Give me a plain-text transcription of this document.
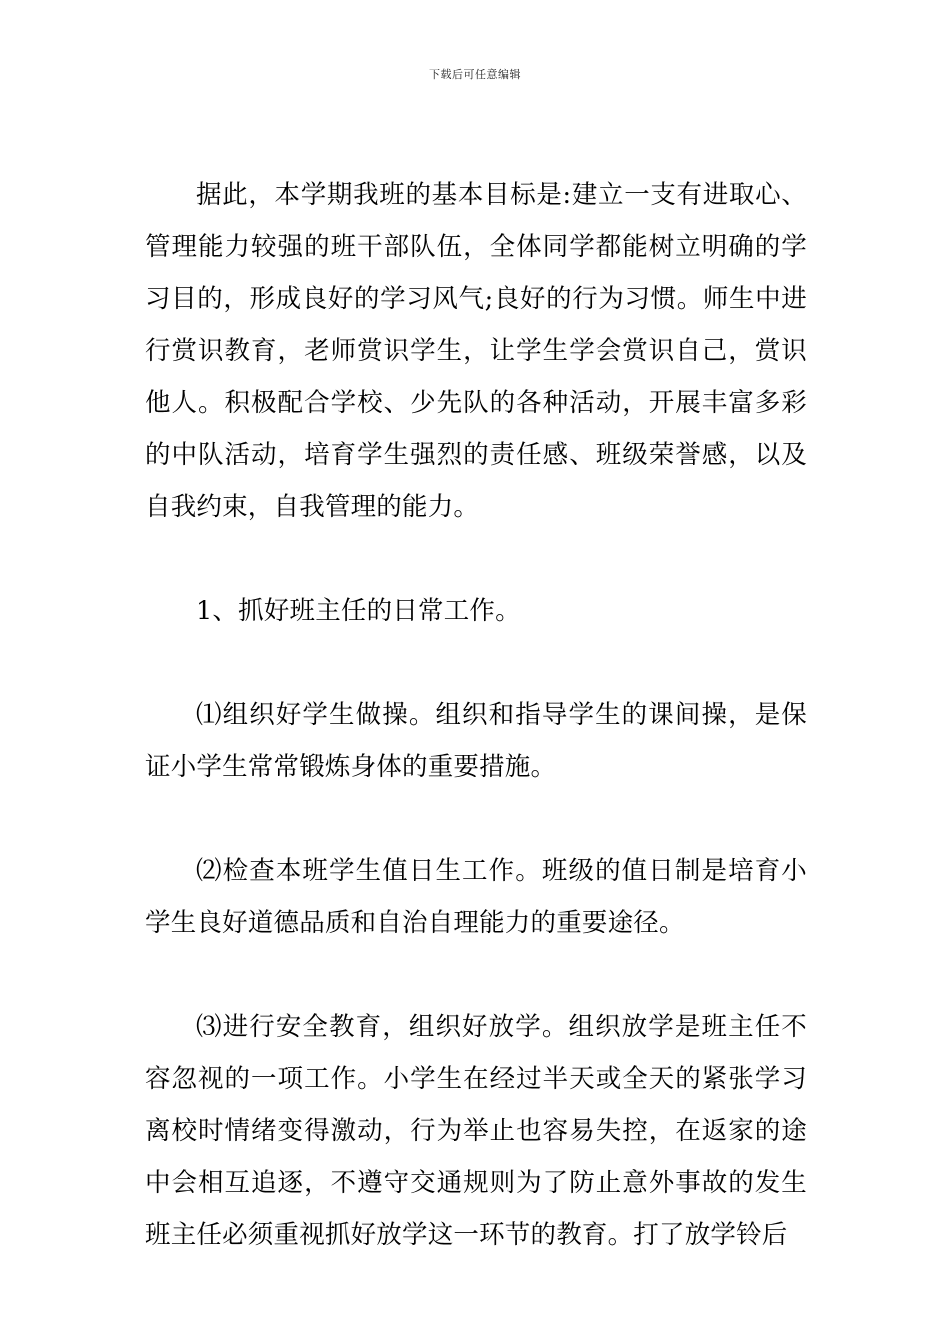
下载后可任意编辑

据此，本学期我班的基本目标是:建立一支有进取心、管理能力较强的班干部队伍，全体同学都能树立明确的学习目的，形成良好的学习风气;良好的行为习惯。师生中进行赏识教育，老师赏识学生，让学生学会赏识自己，赏识他人。积极配合学校、少先队的各种活动，开展丰富多彩的中队活动，培育学生强烈的责任感、班级荣誉感，以及自我约束，自我管理的能力。

1、抓好班主任的日常工作。

⑴组织好学生做操。组织和指导学生的课间操，是保证小学生常常锻炼身体的重要措施。

⑵检查本班学生值日生工作。班级的值日制是培育小学生良好道德品质和自治自理能力的重要途径。

⑶进行安全教育，组织好放学。组织放学是班主任不容忽视的一项工作。小学生在经过半天或全天的紧张学习离校时情绪变得激动，行为举止也容易失控，在返家的途中会相互追逐，不遵守交通规则为了防止意外事故的发生班主任必须重视抓好放学这一环节的教育。打了放学铃后
